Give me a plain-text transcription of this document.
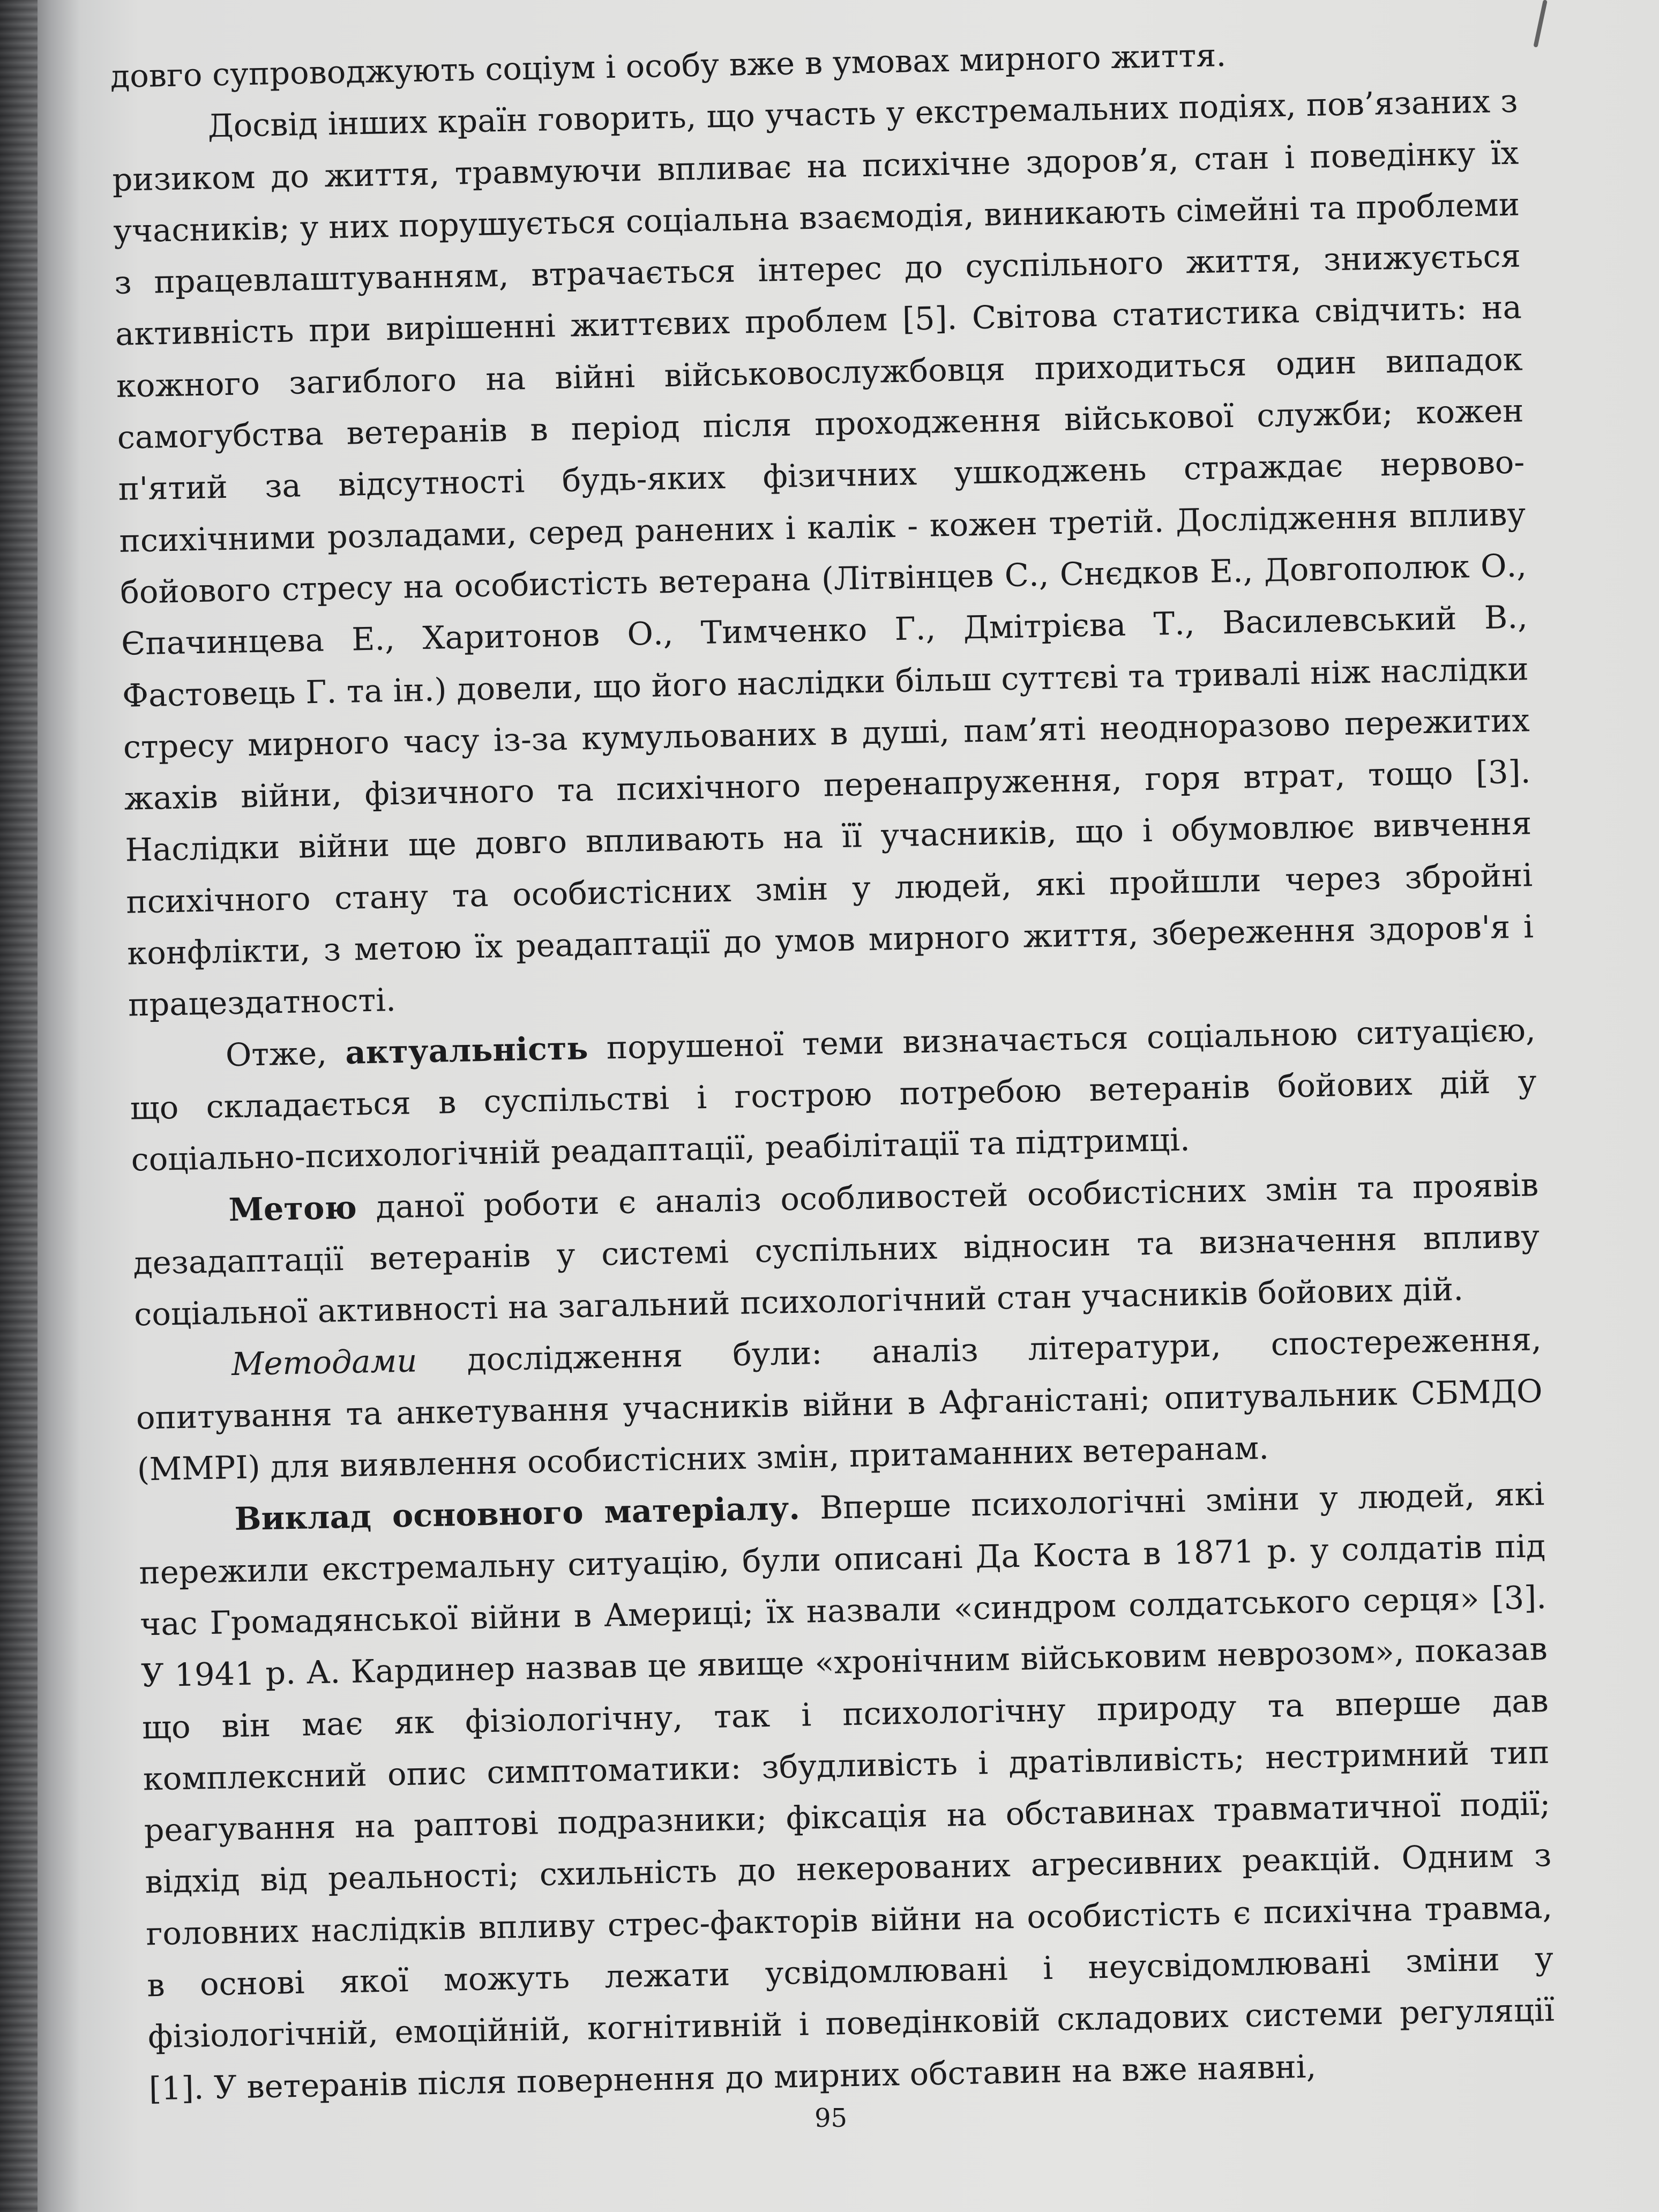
довго супроводжують соціум і особу вже в умовах мирного життя.

Досвід інших країн говорить, що участь у екстремальних подіях, пов’язаних з ризиком до життя, травмуючи впливає на психічне здоров’я, стан і поведінку їх учасників; у них порушується соціальна взаємодія, виникають сімейні та проблеми з працевлаштуванням, втрачається інтерес до суспільного життя, знижується активність при вирішенні життєвих проблем [5]. Світова статистика свідчить: на кожного загиблого на війні військовослужбовця приходиться один випадок самогубства ветеранів в період після проходження військової служби; кожен п'ятий за відсутності будь-яких фізичних ушкоджень страждає нервово-психічними розладами, серед ранених і калік - кожен третій. Дослідження впливу бойового стресу на особистість ветерана (Літвінцев С., Снєдков Е., Довгополюк О., Єпачинцева Е., Харитонов О., Тимченко Г., Дмітрієва Т., Василевський В., Фастовець Г. та ін.) довели, що його наслідки більш суттєві та тривалі ніж наслідки стресу мирного часу із-за кумульованих в душі, пам’яті неодноразово пережитих жахів війни, фізичного та психічного перенапруження, горя втрат, тощо [3]. Наслідки війни ще довго впливають на її учасників, що і обумовлює вивчення психічного стану та особистісних змін у людей, які пройшли через збройні конфлікти, з метою їх реадаптації до умов мирного життя, збереження здоров'я і працездатності.

Отже, актуальність порушеної теми визначається соціальною ситуацією, що складається в суспільстві і гострою потребою ветеранів бойових дій у соціально-психологічній реадаптації, реабілітації та підтримці.

Метою даної роботи є аналіз особливостей особистісних змін та проявів дезадаптації ветеранів у системі суспільних відносин та визначення впливу соціальної активності на загальний психологічний стан учасників бойових дій.

Методами дослідження були: аналіз літератури, спостереження, опитування та анкетування учасників війни в Афганістані; опитувальник СБМДО (MMPI) для виявлення особистісних змін, притаманних ветеранам.

Виклад основного матеріалу. Вперше психологічні зміни у людей, які пережили екстремальну ситуацію, були описані Да Коста в 1871 р. у солдатів під час Громадянської війни в Америці; їх назвали «синдром солдатського серця» [3]. У 1941 р. А. Кардинер назвав це явище «хронічним військовим неврозом», показав що він має як фізіологічну, так і психологічну природу та вперше дав комплексний опис симптоматики: збудливість і дратівливість; нестримний тип реагування на раптові подразники; фіксація на обставинах травматичної події; відхід від реальності; схильність до некерованих агресивних реакцій. Одним з головних наслідків впливу стрес-факторів війни на особистість є психічна травма, в основі якої можуть лежати усвідомлювані і неусвідомлювані зміни у фізіологічній, емоційній, когнітивній і поведінковій складових системи регуляції [1]. У ветеранів після повернення до мирних обставин на вже наявні,

95
